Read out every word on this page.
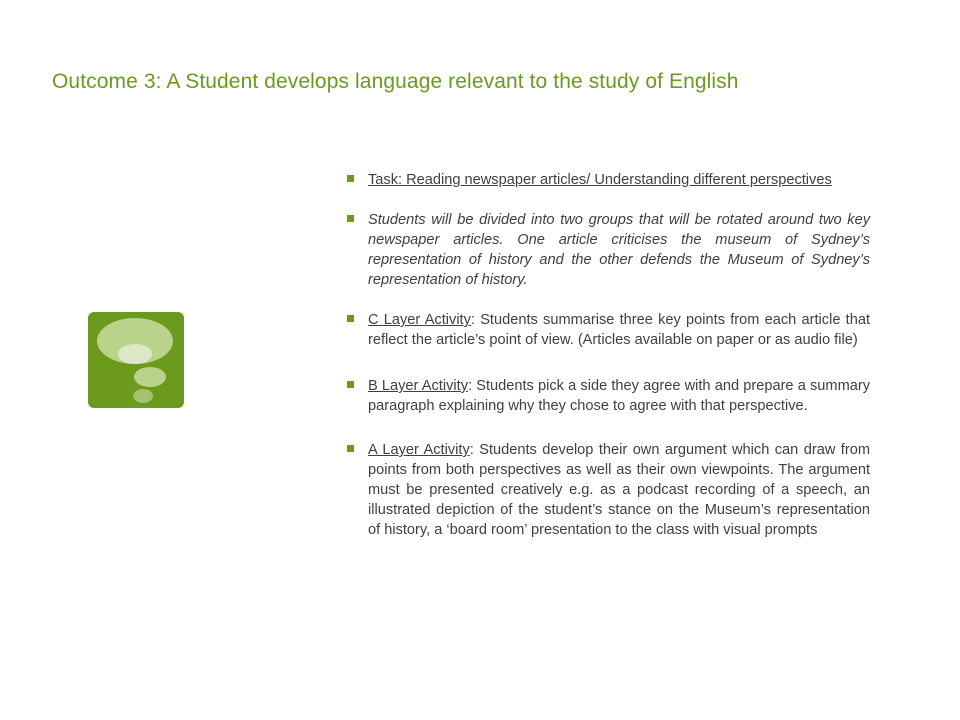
Outcome 3: A Student develops language relevant to the study of English
Task: Reading newspaper articles/ Understanding different perspectives
Students will be divided into two groups that will be rotated around two key newspaper articles. One article criticises the museum of Sydney’s representation of history and the other defends the Museum of Sydney’s representation of history.
C Layer Activity: Students summarise three key points from each article that reflect the article’s point of view. (Articles available on paper or as audio file)
B Layer Activity: Students pick a side they agree with and prepare a summary paragraph explaining why they chose to agree with that perspective.
A Layer Activity: Students develop their own argument which can draw from points from both perspectives as well as their own viewpoints. The argument must be presented creatively e.g. as a podcast recording of a speech, an illustrated depiction of the student’s stance on the Museum’s representation of history, a ‘board room’ presentation to the class with visual prompts
